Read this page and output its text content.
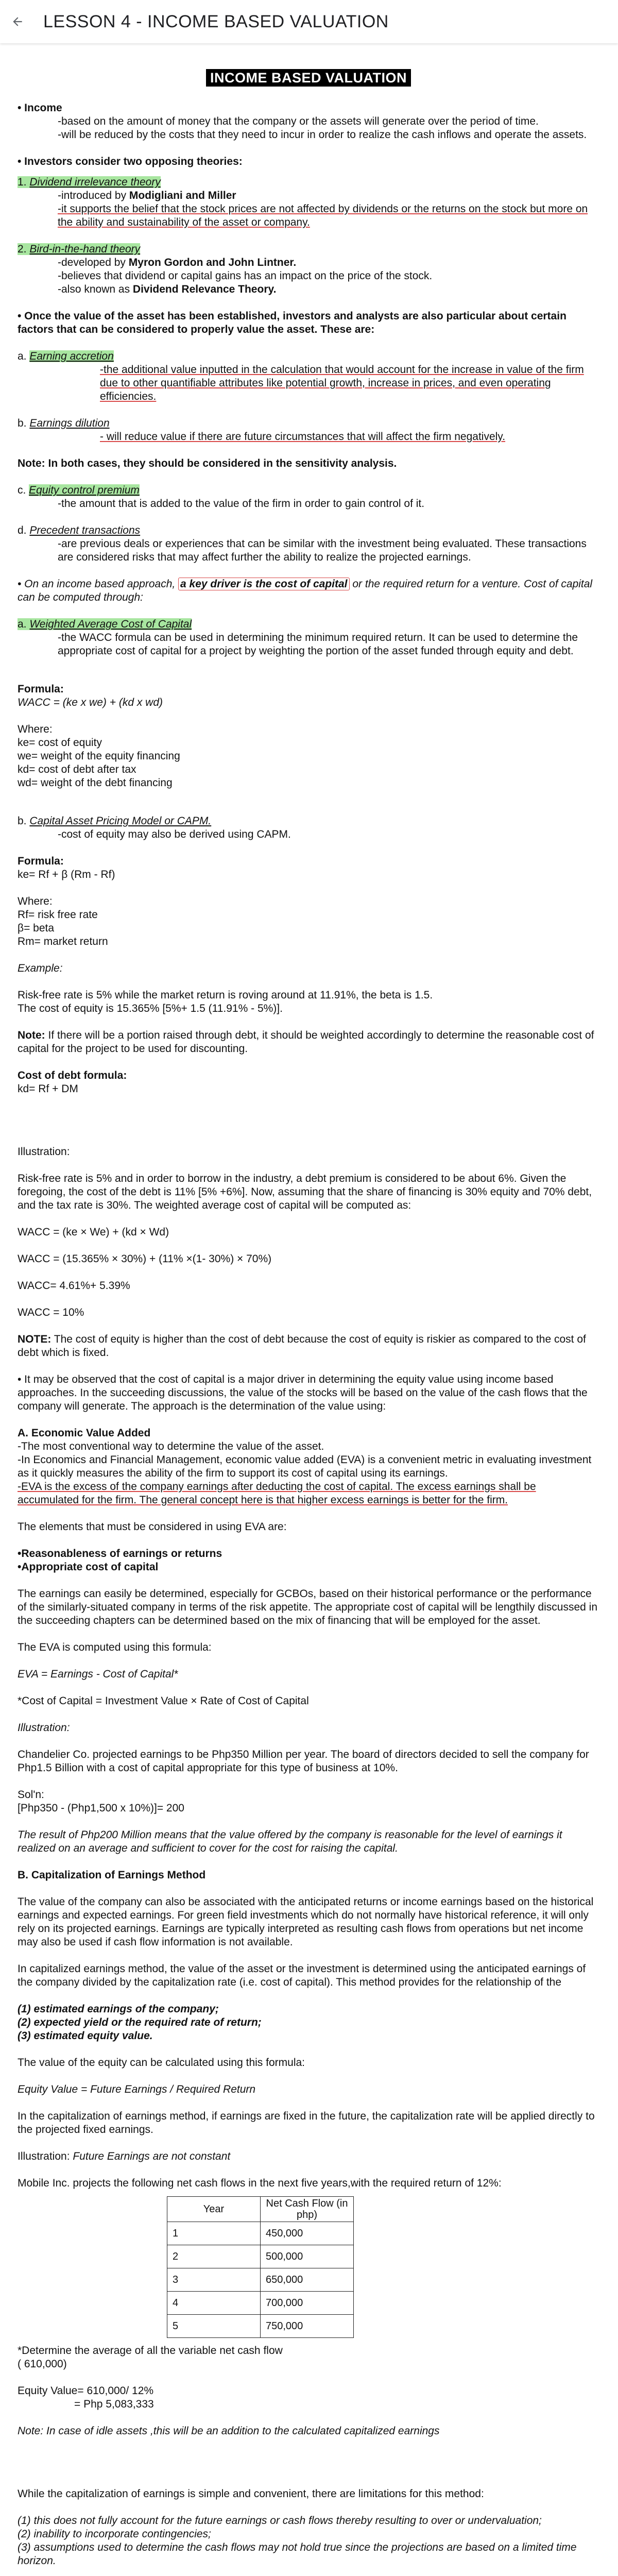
LESSON 4 - INCOME BASED VALUATION
INCOME BASED VALUATION

• Income

-based on the amount of money that the company or the assets will generate over the period of time.

-will be reduced by the costs that they need to incur in order to realize the cash inflows and operate the assets.

• Investors consider two opposing theories:

1. Dividend irrelevance theory

-introduced by Modigliani and Miller

-it supports the belief that the stock prices are not affected by dividends or the returns on the stock but more on the ability and sustainability of the asset or company.

2. Bird-in-the-hand theory

-developed by Myron Gordon and John Lintner.

-believes that dividend or capital gains has an impact on the price of the stock.

-also known as Dividend Relevance Theory.

• Once the value of the asset has been established, investors and analysts are also particular about certain factors that can be considered to properly value the asset. These are:

a. Earning accretion

-the additional value inputted in the calculation that would account for the increase in value of the firm due to other quantifiable attributes like potential growth, increase in prices, and even operating efficiencies.

b. Earnings dilution

- will reduce value if there are future circumstances that will affect the firm negatively.

Note: In both cases, they should be considered in the sensitivity analysis.

c. Equity control premium

-the amount that is added to the value of the firm in order to gain control of it.

d. Precedent transactions

-are previous deals or experiences that can be similar with the investment being evaluated. These transactions are considered risks that may affect further the ability to realize the projected earnings.

• On an income based approach, a key driver is the cost of capital or the required return for a venture. Cost of capital can be computed through:

a. Weighted Average Cost of Capital

-the WACC formula can be used in determining the minimum required return. It can be used to determine the appropriate cost of capital for a project by weighting the portion of the asset funded through equity and debt.

Formula:

WACC = (ke x we) + (kd x wd)

Where:

ke= cost of equity

we= weight of the equity financing

kd= cost of debt after tax

wd= weight of the debt financing

b. Capital Asset Pricing Model or CAPM.

-cost of equity may also be derived using CAPM.

Formula:

ke= Rf + β (Rm - Rf)

Where:

Rf= risk free rate

β= beta

Rm= market return

Example:

Risk-free rate is 5% while the market return is roving around at 11.91%, the beta is 1.5.

The cost of equity is 15.365% [5%+ 1.5 (11.91% - 5%)].

Note: If there will be a portion raised through debt, it should be weighted accordingly to determine the reasonable cost of capital for the project to be used for discounting.

Cost of debt formula:

kd= Rf + DM

Illustration:

Risk-free rate is 5% and in order to borrow in the industry, a debt premium is considered to be about 6%. Given the foregoing, the cost of the debt is 11% [5% +6%]. Now, assuming that the share of financing is 30% equity and 70% debt, and the tax rate is 30%. The weighted average cost of capital will be computed as:

WACC = (ke × We) + (kd × Wd)

WACC = (15.365% × 30%) + (11% ×(1- 30%) × 70%)

WACC= 4.61%+ 5.39%

WACC = 10%

NOTE: The cost of equity is higher than the cost of debt because the cost of equity is riskier as compared to the cost of debt which is fixed.

• It may be observed that the cost of capital is a major driver in determining the equity value using income based approaches. In the succeeding discussions, the value of the stocks will be based on the value of the cash flows that the company will generate. The approach is the determination of the value using:

A. Economic Value Added

-The most conventional way to determine the value of the asset.

-In Economics and Financial Management, economic value added (EVA) is a convenient metric in evaluating investment as it quickly measures the ability of the firm to support its cost of capital using its earnings.

-EVA is the excess of the company earnings after deducting the cost of capital. The excess earnings shall be accumulated for the firm. The general concept here is that higher excess earnings is better for the firm.

The elements that must be considered in using EVA are:

•Reasonableness of earnings or returns

•Appropriate cost of capital

The earnings can easily be determined, especially for GCBOs, based on their historical performance or the performance of the similarly-situated company in terms of the risk appetite. The appropriate cost of capital will be lengthily discussed in the succeeding chapters can be determined based on the mix of financing that will be employed for the asset.

The EVA is computed using this formula:

EVA = Earnings - Cost of Capital*

*Cost of Capital = Investment Value × Rate of Cost of Capital

Illustration:

Chandelier Co. projected earnings to be Php350 Million per year. The board of directors decided to sell the company for Php1.5 Billion with a cost of capital appropriate for this type of business at 10%.

Sol'n:

[Php350 - (Php1,500 x 10%)]= 200

The result of Php200 Million means that the value offered by the company is reasonable for the level of earnings it realized on an average and sufficient to cover for the cost for raising the capital.

B. Capitalization of Earnings Method

The value of the company can also be associated with the anticipated returns or income earnings based on the historical earnings and expected earnings. For green field investments which do not normally have historical reference, it will only rely on its projected earnings. Earnings are typically interpreted as resulting cash flows from operations but net income may also be used if cash flow information is not available.

In capitalized earnings method, the value of the asset or the investment is determined using the anticipated earnings of the company divided by the capitalization rate (i.e. cost of capital). This method provides for the relationship of the

(1) estimated earnings of the company;

(2) expected yield or the required rate of return;

(3) estimated equity value.

The value of the equity can be calculated using this formula:

Equity Value = Future Earnings / Required Return

In the capitalization of earnings method, if earnings are fixed in the future, the capitalization rate will be applied directly to the projected fixed earnings.

Illustration: Future Earnings are not constant

Mobile Inc. projects the following net cash flows in the next five years,with the required return of 12%:

Year	Net Cash Flow (in php)
1	450,000
2	500,000
3	650,000
4	700,000
5	750,000

*Determine the average of all the variable net cash flow

( 610,000)

Equity Value= 610,000/ 12%

= Php 5,083,333

Note: In case of idle assets ,this will be an addition to the calculated capitalized earnings

While the capitalization of earnings is simple and convenient, there are limitations for this method:

(1) this does not fully account for the future earnings or cash flows thereby resulting to over or undervaluation;

(2) inability to incorporate contingencies;

(3) assumptions used to determine the cash flows may not hold true since the projections are based on a limited time horizon.
